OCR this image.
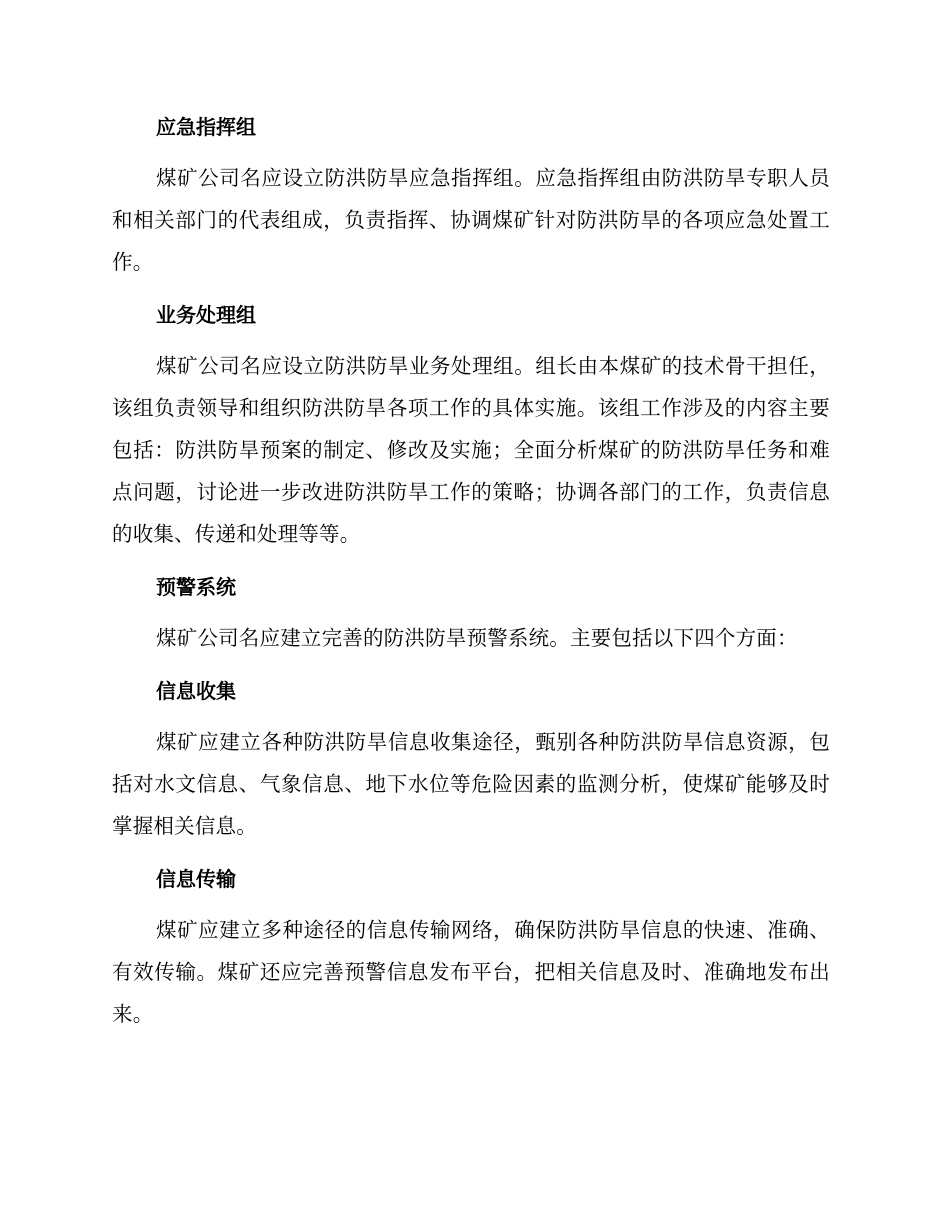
应急指挥组

煤矿公司名应设立防洪防旱应急指挥组。应急指挥组由防洪防旱专职人员和相关部门的代表组成，负责指挥、协调煤矿针对防洪防旱的各项应急处置工作。

业务处理组

煤矿公司名应设立防洪防旱业务处理组。组长由本煤矿的技术骨干担任，该组负责领导和组织防洪防旱各项工作的具体实施。该组工作涉及的内容主要包括：防洪防旱预案的制定、修改及实施；全面分析煤矿的防洪防旱任务和难点问题，讨论进一步改进防洪防旱工作的策略；协调各部门的工作，负责信息的收集、传递和处理等等。

预警系统

煤矿公司名应建立完善的防洪防旱预警系统。主要包括以下四个方面：

信息收集

煤矿应建立各种防洪防旱信息收集途径，甄别各种防洪防旱信息资源，包括对水文信息、气象信息、地下水位等危险因素的监测分析，使煤矿能够及时掌握相关信息。

信息传输

煤矿应建立多种途径的信息传输网络，确保防洪防旱信息的快速、准确、有效传输。煤矿还应完善预警信息发布平台，把相关信息及时、准确地发布出来。
